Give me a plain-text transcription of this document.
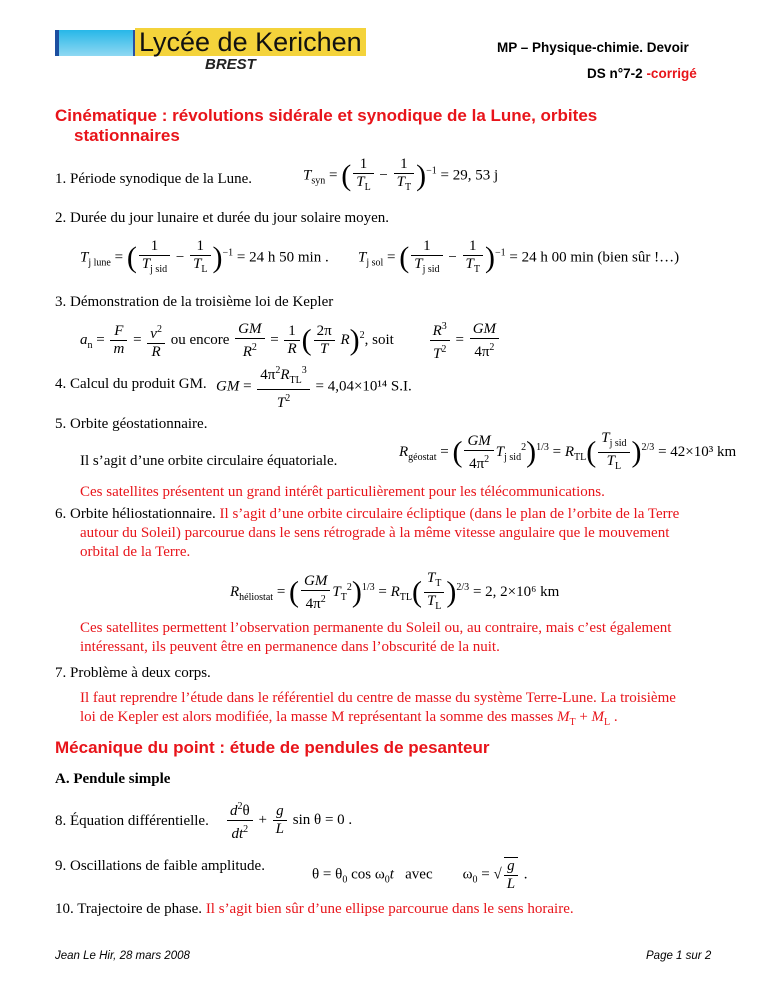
Lycée de Kerichen
BREST
MP – Physique-chimie. Devoir
DS n°7-2 -corrigé
Cinématique : révolutions sidérale et synodique de la Lune, orbites
stationnaires
1. Période synodique de la Lune.	$T_{syn}$ = ( $\frac{1}{T_L} - \frac{1}{T_T} )^{-1} = 29$, 53 j
2. Durée du jour lunaire et durée du jour solaire moyen.
$T_{j lune}$ = ( $\frac{1}{T_{j sid}} - \frac{1}{T_L} )^{-1} = 24$ h 50 min . $T_{j sol}$ = ( $\frac{1}{T_{j sid}} - \frac{1}{T_T} )^{-1} = 24$ h 00 min (bien sûr !…)
3. Démonstration de la troisième loi de Kepler
$a_n = \frac{F}{m} = \frac{v^2}{R}$ ou encore $\frac{GM}{R^2} = \frac{1}{R}$ ( $\frac{2\pi}{T} R)^2$, soit $\frac{R^3}{T^2} = \frac{GM}{4\pi^2}$
4. Calcul du produit GM. GM = $\frac{4\pi^2R_{TL}^3}{T^2} = 4,04\times 10^{14}$ S.I.
5. Orbite géostationnaire.
Il s’agit d’une orbite circulaire équatoriale.
$R_{géostat}$ = ( $\frac{GM}{4\pi^2} T_{j sid}^2)^{1/3} = R_{TL}( \frac{T_{j sid}}{T_L} )^{2/3} = 42\times 10^3$ km
Ces satellites présentent un grand intérêt particulièrement pour les télécommunications.
6. Orbite héliostationnaire. Il s’agit d’une orbite circulaire écliptique (dans le plan de l’orbite de la Terre
autour du Soleil) parcourue dans le sens rétrograde à la même vitesse angulaire que le mouvement
orbital de la Terre.
$R_{héliostat}$ = ( $\frac{GM}{4\pi^2} T_T^2)^{1/3} = R_{TL}( \frac{T_T}{T_L} )^{2/3} = 2$, 2×10⁶ km
Ces satellites permettent l’observation permanente du Soleil ou, au contraire, mais c’est également
intéressant, ils peuvent être en permanence dans l’obscurité de la nuit.
7. Problème à deux corps.
Il faut reprendre l’étude dans le référentiel du centre de masse du système Terre-Lune. La troisième
loi de Kepler est alors modifiée, la masse M représentant la somme des masses $M_T + M_L$ .
Mécanique du point : étude de pendules de pesanteur
A. Pendule simple
8. Équation différentielle. $\frac{d^2\theta}{dt^2} + \frac{g}{L}$ sin θ = 0 .
9. Oscillations de faible amplitude.
$\theta = \theta_0$ $\cos \omega_0t$ avec        $\omega_0$ = √ $\frac{g}{L}$ .
10. Trajectoire de phase. Il s’agit bien sûr d’une ellipse parcourue dans le sens horaire.
Jean Le Hir, 28 mars 2008	Page 1 sur 2
